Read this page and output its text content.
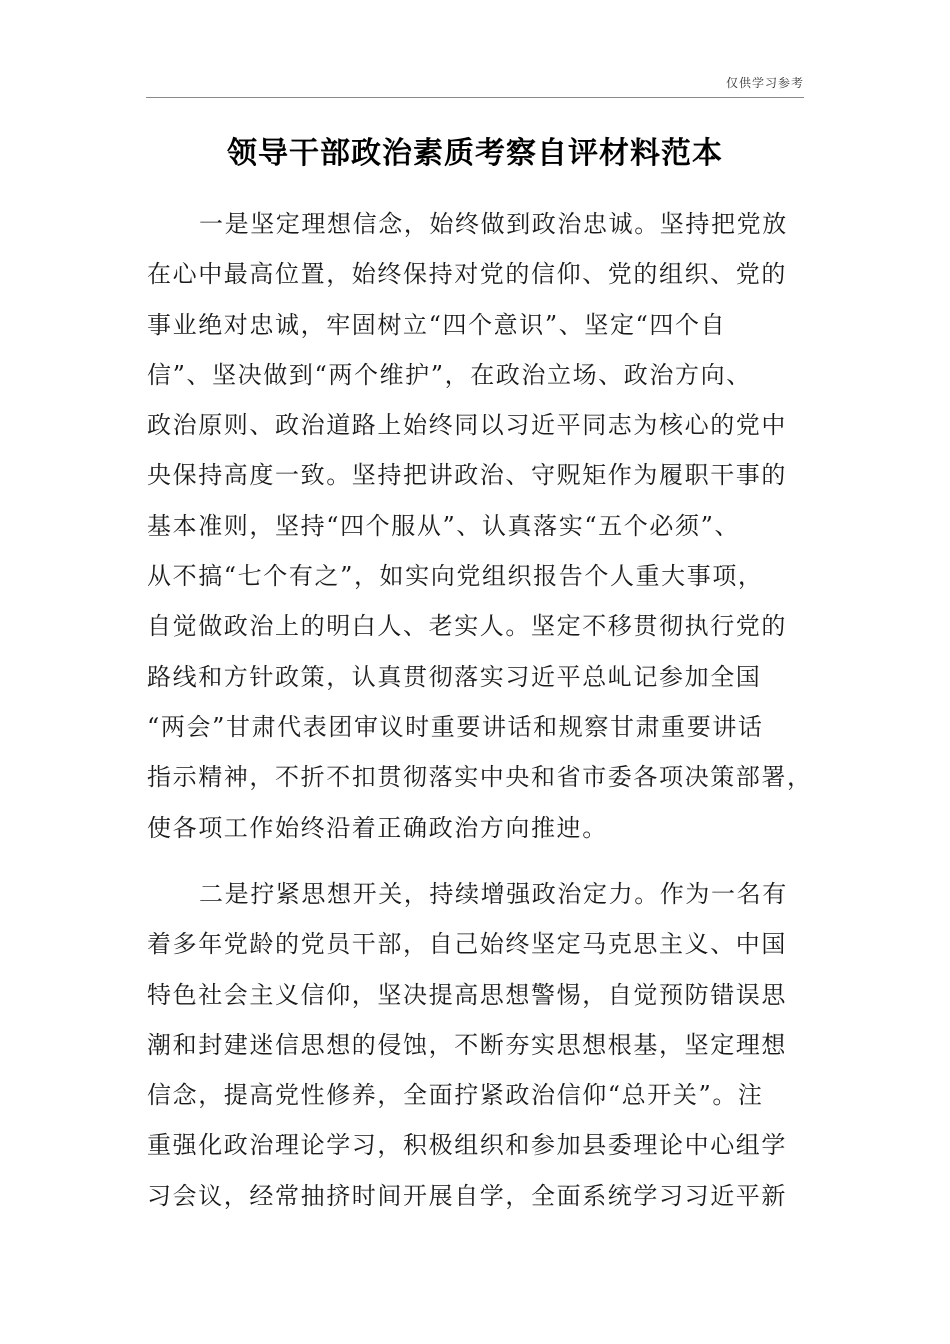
仅供学习参考
领导干部政治素质考察自评材料范本

一是坚定理想信念，始终做到政治忠诚。坚持把党放
在心中最高位置，始终保持对党的信仰、党的组织、党的
事业绝对忠诚，牢固树立“四个意识”、坚定“四个自
信”、坚决做到“两个维护”，在政治立场、政治方向、
政治原则、政治道路上始终同以习近平同志为核心的党中
央保持高度一致。坚持把讲政治、守贶矩作为履职干事的
基本准则，坚持“四个服从”、认真落实“五个必须”、
从不搞“七个有之”，如实向党组织报告个人重大事项，
自觉做政治上的明白人、老实人。坚定不移贯彻执行党的
路线和方针政策，认真贯彻落实习近平总乢记参加全国
“两会”甘肃代表团审议时重要讲话和规察甘肃重要讲话
指示精神，不折不扣贯彻落实中央和省市委各项决策部署，
使各项工作始终沿着正确政治方向推迚。

二是拧紧思想开关，持续增强政治定力。作为一名有
着多年党龄的党员干部，自己始终坚定马克思主义、中国
特色社会主义信仰，坚决提高思想警惕，自觉预防错误思
潮和封建迷信思想的侵蚀，不断夯实思想根基，坚定理想
信念，提高党性修养，全面拧紧政治信仰“总开关”。注
重强化政治理论学习，积极组织和参加县委理论中心组学
习会议，经常抽挤时间开展自学，全面系统学习习近平新
